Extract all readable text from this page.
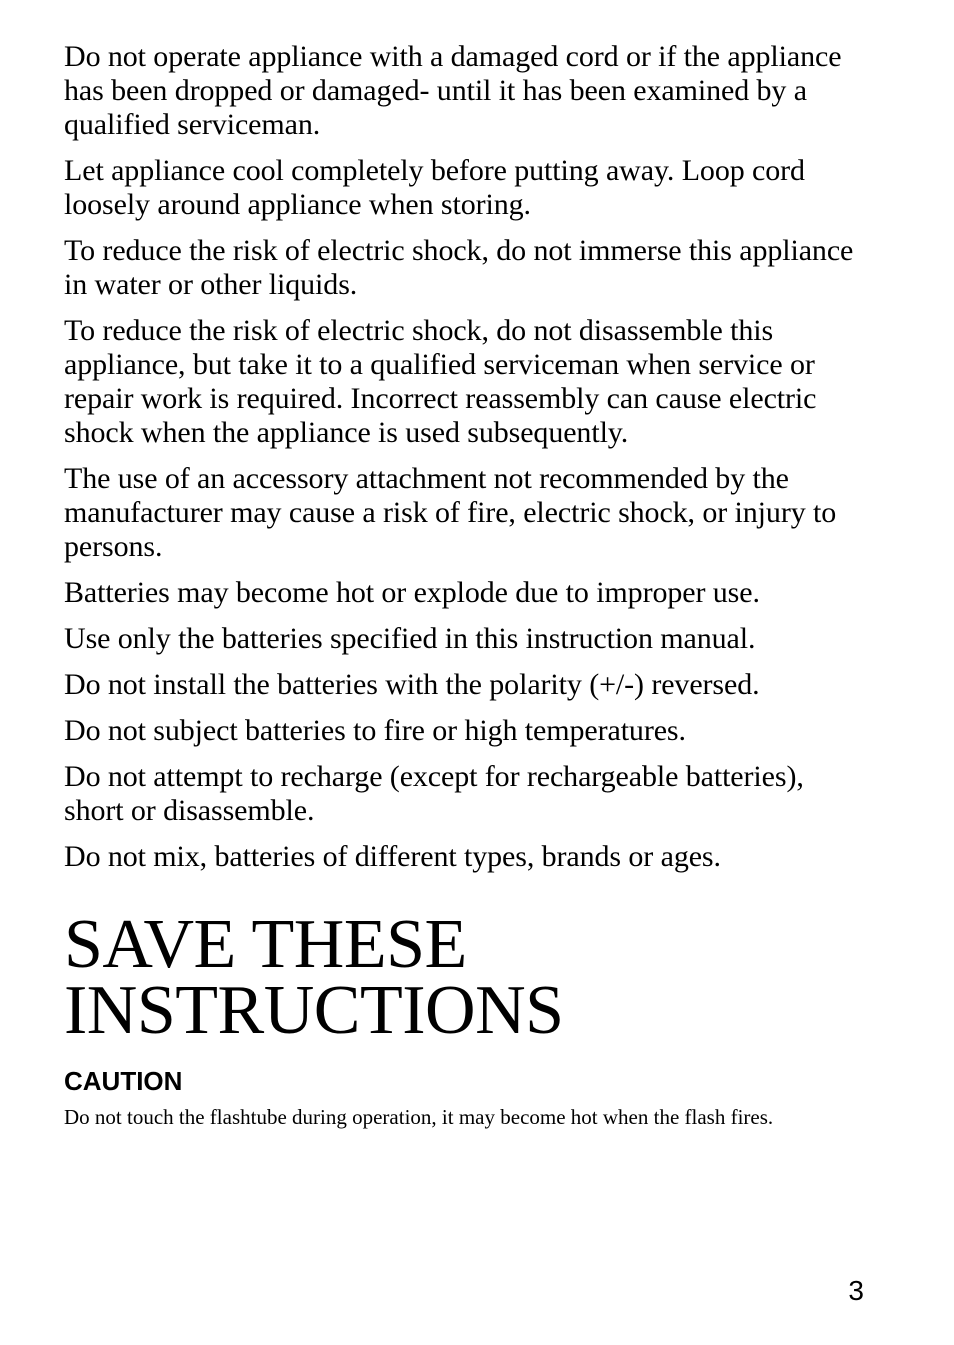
Do not operate appliance with a damaged cord or if the appliance has been dropped or damaged- until it has been examined by a qualified serviceman.

Let appliance cool completely before putting away. Loop cord loosely around appliance when storing.

To reduce the risk of electric shock, do not immerse this appliance in water or other liquids.

To reduce the risk of electric shock, do not disassemble this appliance, but take it to a qualified serviceman when service or repair work is required. Incorrect reassembly can cause electric shock when the appliance is used subsequently.

The use of an accessory attachment not recommended by the manufacturer may cause a risk of fire, electric shock, or injury to persons.

Batteries may become hot or explode due to improper use.

Use only the batteries specified in this instruction manual.

Do not install the batteries with the polarity (+/-) reversed.

Do not subject batteries to fire or high temperatures.

Do not attempt to recharge (except for rechargeable batteries), short or disassemble.

Do not mix, batteries of different types, brands or ages.

SAVE THESE
INSTRUCTIONS
CAUTION

Do not touch the flashtube during operation, it may become hot when the flash fires.

3
